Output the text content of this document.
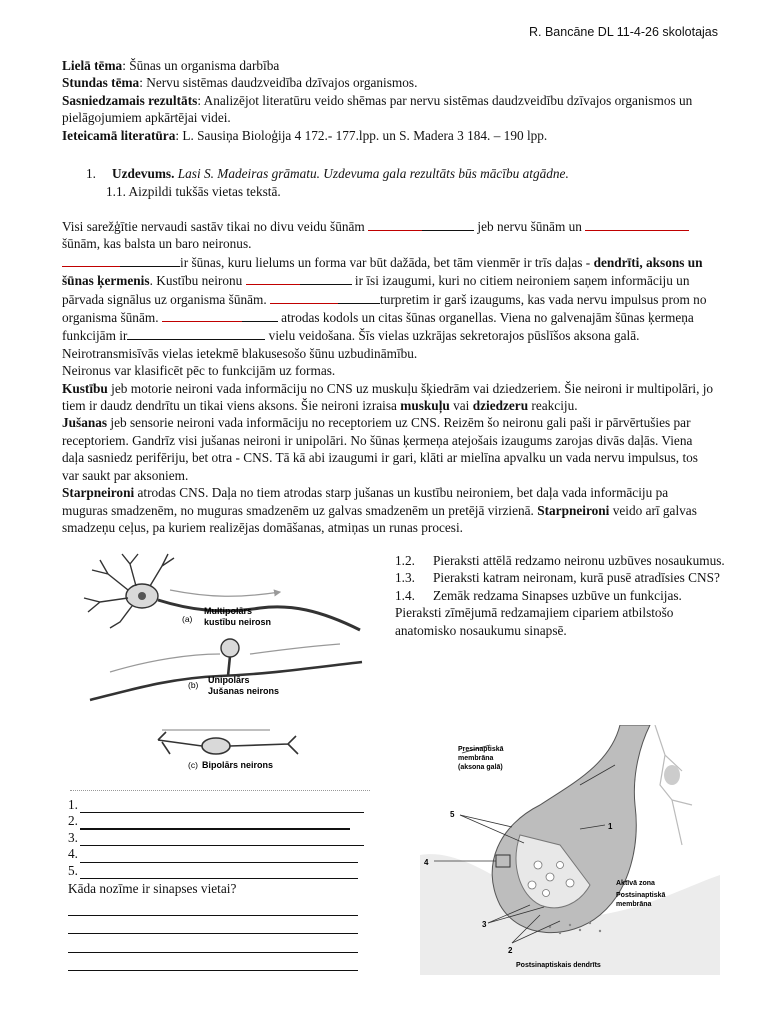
R. Bancāne DL 11-4-26 skolotajas

Lielā tēma: Šūnas un organisma darbība

Stundas tēma: Nervu sistēmas daudzveidība dzīvajos organismos.

Sasniedzamais rezultāts: Analizējot literatūru veido shēmas par nervu sistēmas daudzveidību dzīvajos organismos un pielāgojumiem apkārtējai videi.

Ieteicamā literatūra: L. Sausiņa Bioloģija 4 172.- 177.lpp. un S. Madera 3 184. – 190 lpp.

1. Uzdevums. Lasi S. Madeiras grāmatu. Uzdevuma gala rezultāts būs mācību atgādne.
1.1. Aizpildi tukšās vietas tekstā.

Visi sarežģītie nervaudi sastāv tikai no divu veidu šūnām	jeb nervu šūnām un  šūnām, kas balsta un baro neironus.

ir šūnas, kuru lielums un forma var būt dažāda, bet tām vienmēr ir trīs daļas - dendrīti, aksons un šūnas ķermenis. Kustību neironu	ir īsi izaugumi, kuri no citiem neironiem saņem informāciju un pārvada signālus uz organisma šūnām.	turpretim ir garš izaugums, kas vada nervu impulsus prom no organisma šūnām.	atrodas kodols un citas šūnas organellas. Viena no galvenajām šūnas ķermeņa funkcijām ir	vielu veidošana. Šīs vielas uzkrājas sekretorajos pūslīšos aksona galā. Neirotransmisīvās vielas ietekmē blakusesošo šūnu uzbudināmību.

Neironus var klasificēt pēc to funkcijām uz formas.

Kustību jeb motorie neironi vada informāciju no CNS uz muskuļu šķiedrām vai dziedzeriem. Šie neironi ir multipolāri, jo tiem ir daudz dendrītu un tikai viens aksons. Šie neironi izraisa muskuļu vai dziedzeru reakciju.

Jušanas jeb sensorie neironi vada informāciju no receptoriem uz CNS. Reizēm šo neironu gali paši ir pārvērtušies par receptoriem. Gandrīz visi jušanas neironi ir unipolāri. No šūnas ķermeņa atejošais izaugums zarojas divās daļās. Viena daļa sasniedz perifēriju, bet otra - CNS. Tā kā abi izaugumi ir gari, klāti ar mielīna apvalku un vada nervu impulsus, tos var saukt par aksoniem.

Starpneironi atrodas CNS. Daļa no tiem atrodas starp jušanas un kustību neironiem, bet daļa vada informāciju pa muguras smadzenēm, no muguras smadzenēm uz galvas smadzenēm un pretējā virzienā. Starpneironi veido arī galvas smadzeņu ceļus, pa kuriem realizējas domāšanas, atmiņas un runas procesi.

(a)
Multipolārs
kustību neirosn
(b) Unipolārs
Jušanas neirons
(c) Bipolārs neirons

1.2. Pieraksti attēlā redzamo neironu uzbūves nosaukumus.

1.3. Pieraksti katram neironam, kurā pusē atradīsies CNS?

1.4. Zemāk redzama Sinapses uzbūve un funkcijas. Pieraksti zīmējumā redzamajiem cipariem atbilstošo anatomisko nosaukumu sinapsē.

1.
2.
3.
4.
5.

Kāda nozīme ir sinapses vietai?

Presinaptiskā
membrāna
(aksona galā)
Aktīvā zona
Postsinaptiskā
membrāna
Postsinaptiskais dendrīts
1
2
3
4
5
